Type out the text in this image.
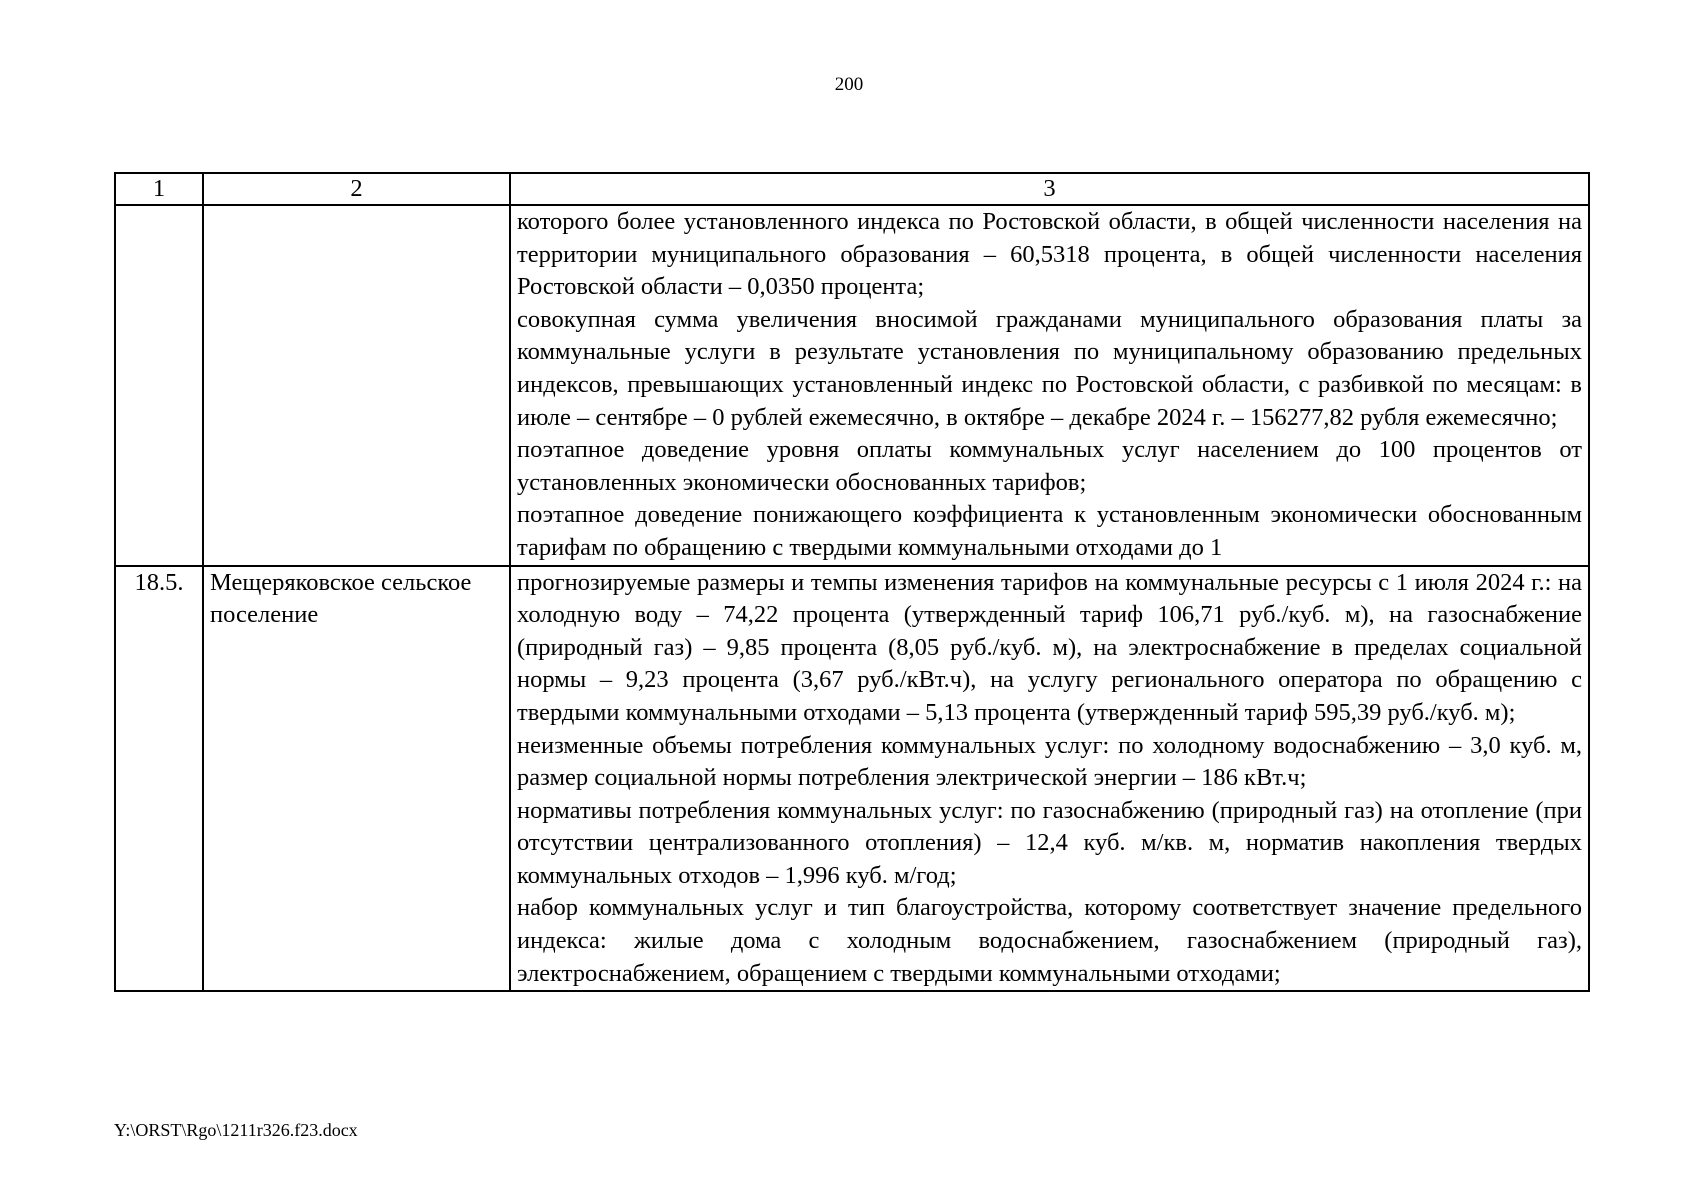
200
1	2	3

		которого более установленного индекса по Ростовской области, в общей численности населения на территории муниципального образования – 60,5318 процента, в общей численности населения Ростовской области – 0,0350 процента;

совокупная сумма увеличения вносимой гражданами муниципального образования платы за коммунальные услуги в результате установления по муниципальному образованию предельных индексов, превышающих установленный индекс по Ростовской области, с разбивкой по месяцам: в июле – сентябре – 0 рублей ежемесячно, в октябре – декабре 2024 г. – 156277,82 рубля ежемесячно;

поэтапное доведение уровня оплаты коммунальных услуг населением до 100 процентов от установленных экономически обоснованных тарифов;

поэтапное доведение понижающего коэффициента к установленным экономически обоснованным тарифам по обращению с твердыми коммунальными отходами до 1

18.5.	Мещеряковское сельское поселение	прогнозируемые размеры и темпы изменения тарифов на коммунальные ресурсы с 1 июля 2024 г.: на холодную воду – 74,22 процента (утвержденный тариф 106,71 руб./куб. м), на газоснабжение (природный газ) – 9,85 процента (8,05 руб./куб. м), на электроснабжение в пределах социальной нормы – 9,23 процента (3,67 руб./кВт.ч), на услугу регионального оператора по обращению с твердыми коммунальными отходами – 5,13 процента (утвержденный тариф 595,39 руб./куб. м);

неизменные объемы потребления коммунальных услуг: по холодному водоснабжению – 3,0 куб. м, размер социальной нормы потребления электрической энергии – 186 кВт.ч;

нормативы потребления коммунальных услуг: по газоснабжению (природный газ) на отопление (при отсутствии централизованного отопления) – 12,4 куб. м/кв. м, норматив накопления твердых коммунальных отходов – 1,996 куб. м/год;

набор коммунальных услуг и тип благоустройства, которому соответствует значение предельного индекса: жилые дома с холодным водоснабжением, газоснабжением (природный газ), электроснабжением, обращением с твердыми коммунальными отходами;

Y:\ORST\Rgo\1211r326.f23.docx
